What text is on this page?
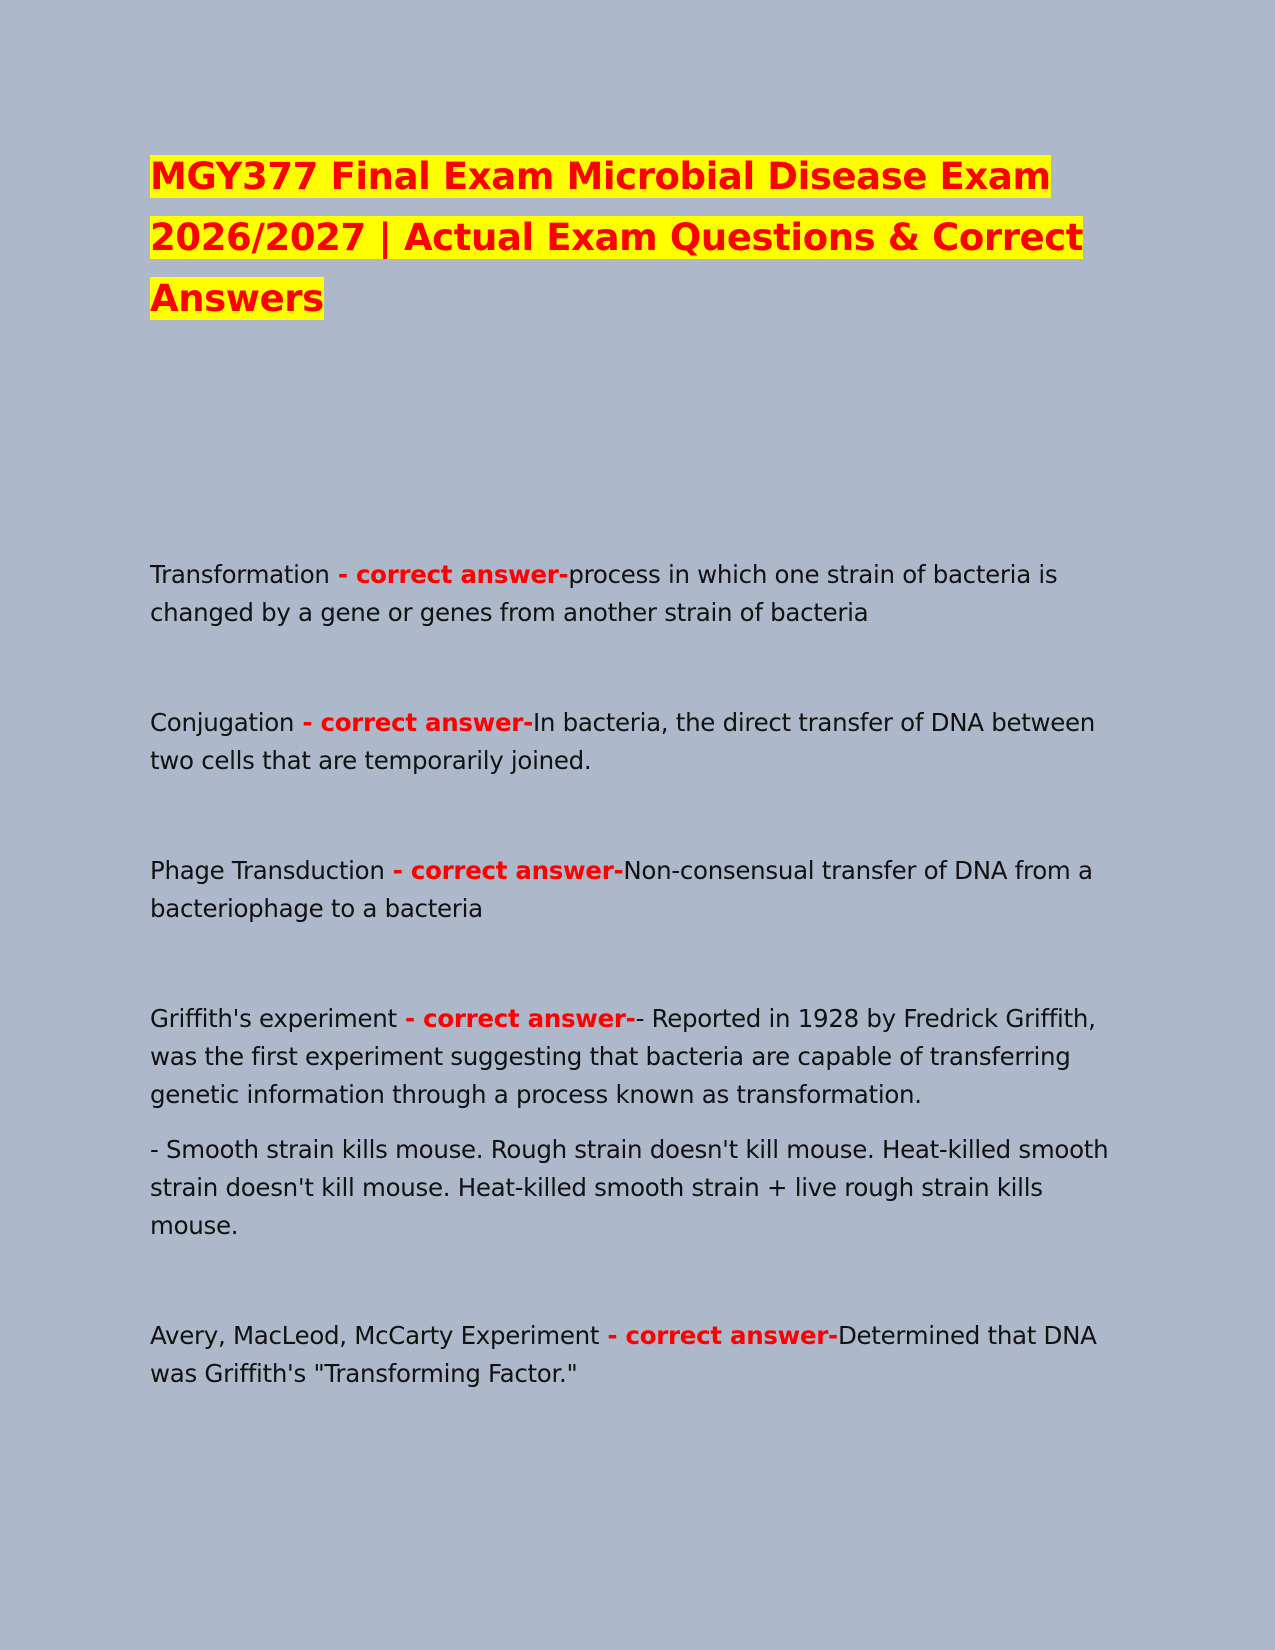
MGY377 Final Exam Microbial Disease Exam 2026/2027 | Actual Exam Questions & Correct Answers

Transformation - correct answer-process in which one strain of bacteria is changed by a gene or genes from another strain of bacteria

Conjugation - correct answer-In bacteria, the direct transfer of DNA between two cells that are temporarily joined.

Phage Transduction - correct answer-Non-consensual transfer of DNA from a bacteriophage to a bacteria

Griffith's experiment - correct answer-- Reported in 1928 by Fredrick Griffith, was the first experiment suggesting that bacteria are capable of transferring genetic information through a process known as transformation.

- Smooth strain kills mouse. Rough strain doesn't kill mouse. Heat-killed smooth strain doesn't kill mouse. Heat-killed smooth strain + live rough strain kills mouse.

Avery, MacLeod, McCarty Experiment - correct answer-Determined that DNA was Griffith's "Transforming Factor."
